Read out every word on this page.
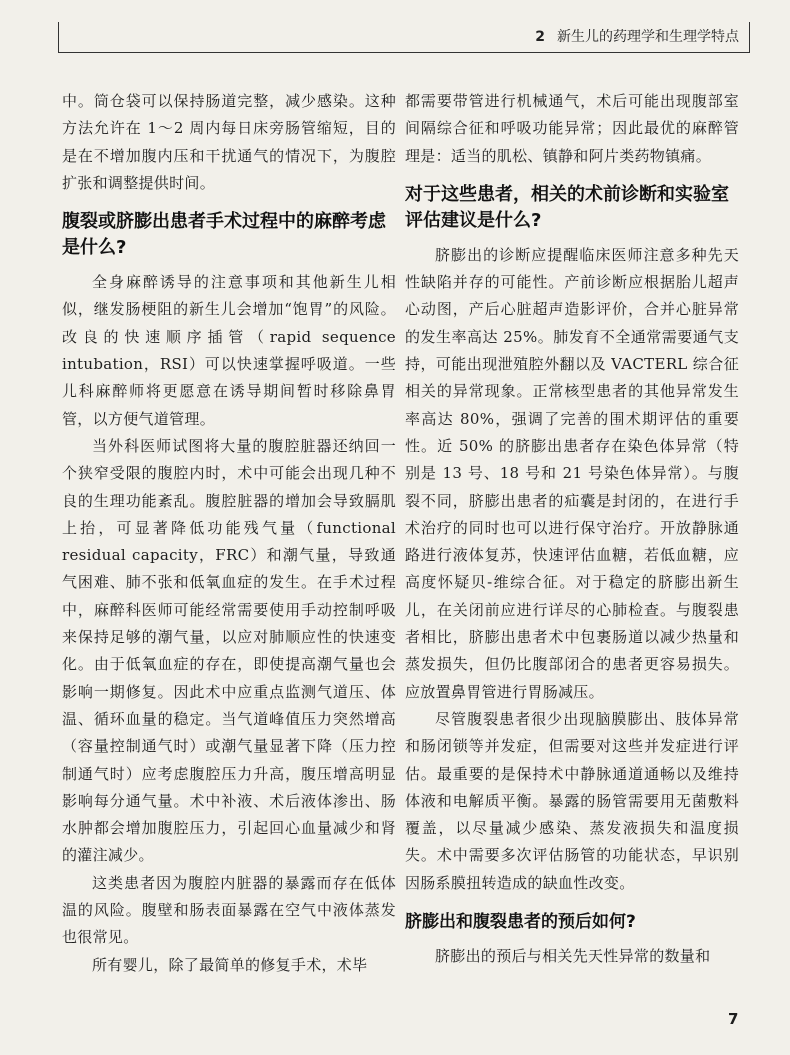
2 新生儿的药理学和生理学特点

中。筒仓袋可以保持肠道完整，减少感染。这种方法允许在 1～2 周内每日床旁肠管缩短，目的是在不增加腹内压和干扰通气的情况下，为腹腔扩张和调整提供时间。

腹裂或脐膨出患者手术过程中的麻醉考虑是什么?

全身麻醉诱导的注意事项和其他新生儿相似，继发肠梗阻的新生儿会增加“饱胃”的风险。改良的快速顺序插管（rapid sequence intubation，RSI）可以快速掌握呼吸道。一些儿科麻醉师将更愿意在诱导期间暂时移除鼻胃管，以方便气道管理。

当外科医师试图将大量的腹腔脏器还纳回一个狭窄受限的腹腔内时，术中可能会出现几种不良的生理功能紊乱。腹腔脏器的增加会导致膈肌上抬，可显著降低功能残气量（functional residual capacity，FRC）和潮气量，导致通气困难、肺不张和低氧血症的发生。在手术过程中，麻醉科医师可能经常需要使用手动控制呼吸来保持足够的潮气量，以应对肺顺应性的快速变化。由于低氧血症的存在，即使提高潮气量也会影响一期修复。因此术中应重点监测气道压、体温、循环血量的稳定。当气道峰值压力突然增高（容量控制通气时）或潮气量显著下降（压力控制通气时）应考虑腹腔压力升高，腹压增高明显影响每分通气量。术中补液、术后液体渗出、肠水肿都会增加腹腔压力，引起回心血量减少和肾的灌注减少。

这类患者因为腹腔内脏器的暴露而存在低体温的风险。腹壁和肠表面暴露在空气中液体蒸发也很常见。

所有婴儿，除了最简单的修复手术，术毕

都需要带管进行机械通气，术后可能出现腹部室间隔综合征和呼吸功能异常；因此最优的麻醉管理是：适当的肌松、镇静和阿片类药物镇痛。

对于这些患者，相关的术前诊断和实验室评估建议是什么?

脐膨出的诊断应提醒临床医师注意多种先天性缺陷并存的可能性。产前诊断应根据胎儿超声心动图，产后心脏超声造影评价，合并心脏异常的发生率高达 25%。肺发育不全通常需要通气支持，可能出现泄殖腔外翻以及 VACTERL 综合征相关的异常现象。正常核型患者的其他异常发生率高达 80%，强调了完善的围术期评估的重要性。近 50% 的脐膨出患者存在染色体异常（特别是 13 号、18 号和 21 号染色体异常）。与腹裂不同，脐膨出患者的疝囊是封闭的，在进行手术治疗的同时也可以进行保守治疗。开放静脉通路进行液体复苏，快速评估血糖，若低血糖，应高度怀疑贝-维综合征。对于稳定的脐膨出新生儿，在关闭前应进行详尽的心肺检查。与腹裂患者相比，脐膨出患者术中包裹肠道以减少热量和蒸发损失，但仍比腹部闭合的患者更容易损失。应放置鼻胃管进行胃肠减压。

尽管腹裂患者很少出现脑膜膨出、肢体异常和肠闭锁等并发症，但需要对这些并发症进行评估。最重要的是保持术中静脉通道通畅以及维持体液和电解质平衡。暴露的肠管需要用无菌敷料覆盖，以尽量减少感染、蒸发液损失和温度损失。术中需要多次评估肠管的功能状态，早识别因肠系膜扭转造成的缺血性改变。

脐膨出和腹裂患者的预后如何?

脐膨出的预后与相关先天性异常的数量和

7
